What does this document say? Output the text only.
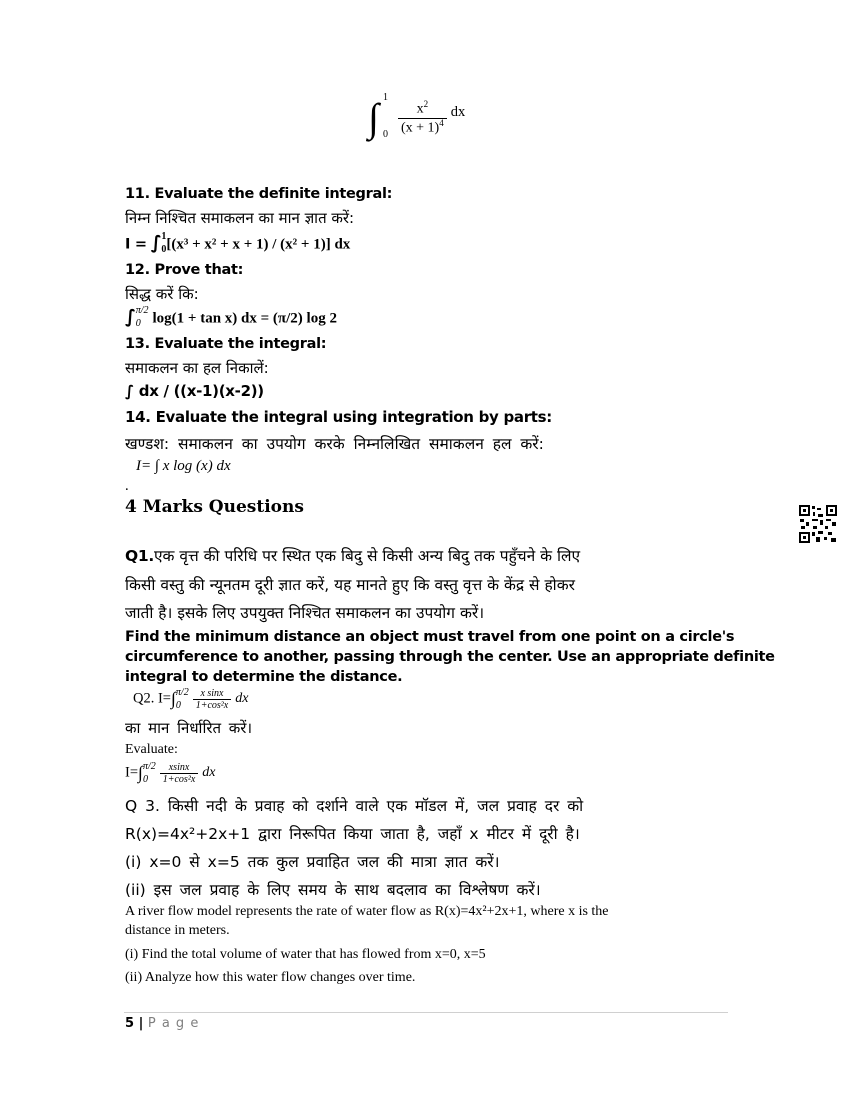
∫ 1
0
$\frac{x^2}{(x + 1)^4}$ dx
11. Evaluate the definite integral:
निम्न निश्चित समाकलन का मान ज्ञात करें:
I = ∫ 1
0 [(x³ + x² + x + 1) / (x² + 1)] dx
12. Prove that:
सिद्ध करें कि:
∫ π/2
0 log(1 + tan x) dx = (π/2) log 2
13. Evaluate the integral:
समाकलन का हल निकालें:
∫ dx / ((x-1)(x-2))
14. Evaluate the integral using integration by parts:
खण्डश: समाकलन का उपयोग करके निम्नलिखित समाकलन हल करें:
I= ∫ x log (x) dx
.
4 Marks Questions
Q1.एक वृत्त की परिधि पर स्थित एक बिदु से किसी अन्य बिदु तक पहुँचने के लिए
किसी वस्तु की न्यूनतम दूरी ज्ञात करें, यह मानते हुए कि वस्तु वृत्त के केंद्र से होकर
जाती है। इसके लिए उपयुक्त निश्चित समाकलन का उपयोग करें।
Find the minimum distance an object must travel from one point on a circle's
circumference to another, passing through the center. Use an appropriate definite
integral to determine the distance.
Q2. I=∫ π/2
0
	$\frac{\text{x sinx}}{\text{1+cos²x}}$ dx
का मान निर्धारित करें।
Evaluate:
I=∫ π/2
0
	$\frac{xsinx}{\text{1+cos²x}}$ dx
Q 3. किसी नदी के प्रवाह को दर्शाने वाले एक मॉडल में, जल प्रवाह दर को
R(x)=4x²+2x+1 द्वारा निरूपित किया जाता है, जहाँ x मीटर में दूरी है।
(i) x=0 से x=5 तक कुल प्रवाहित जल की मात्रा ज्ञात करें।
(ii) इस जल प्रवाह के लिए समय के साथ बदलाव का विश्लेषण करें।
A river flow model represents the rate of water flow as R(x)=4x²+2x+1, where x is the
distance in meters.
(i) Find the total volume of water that has flowed from x=0, x=5
(ii) Analyze how this water flow changes over time.
5 | P a g e
